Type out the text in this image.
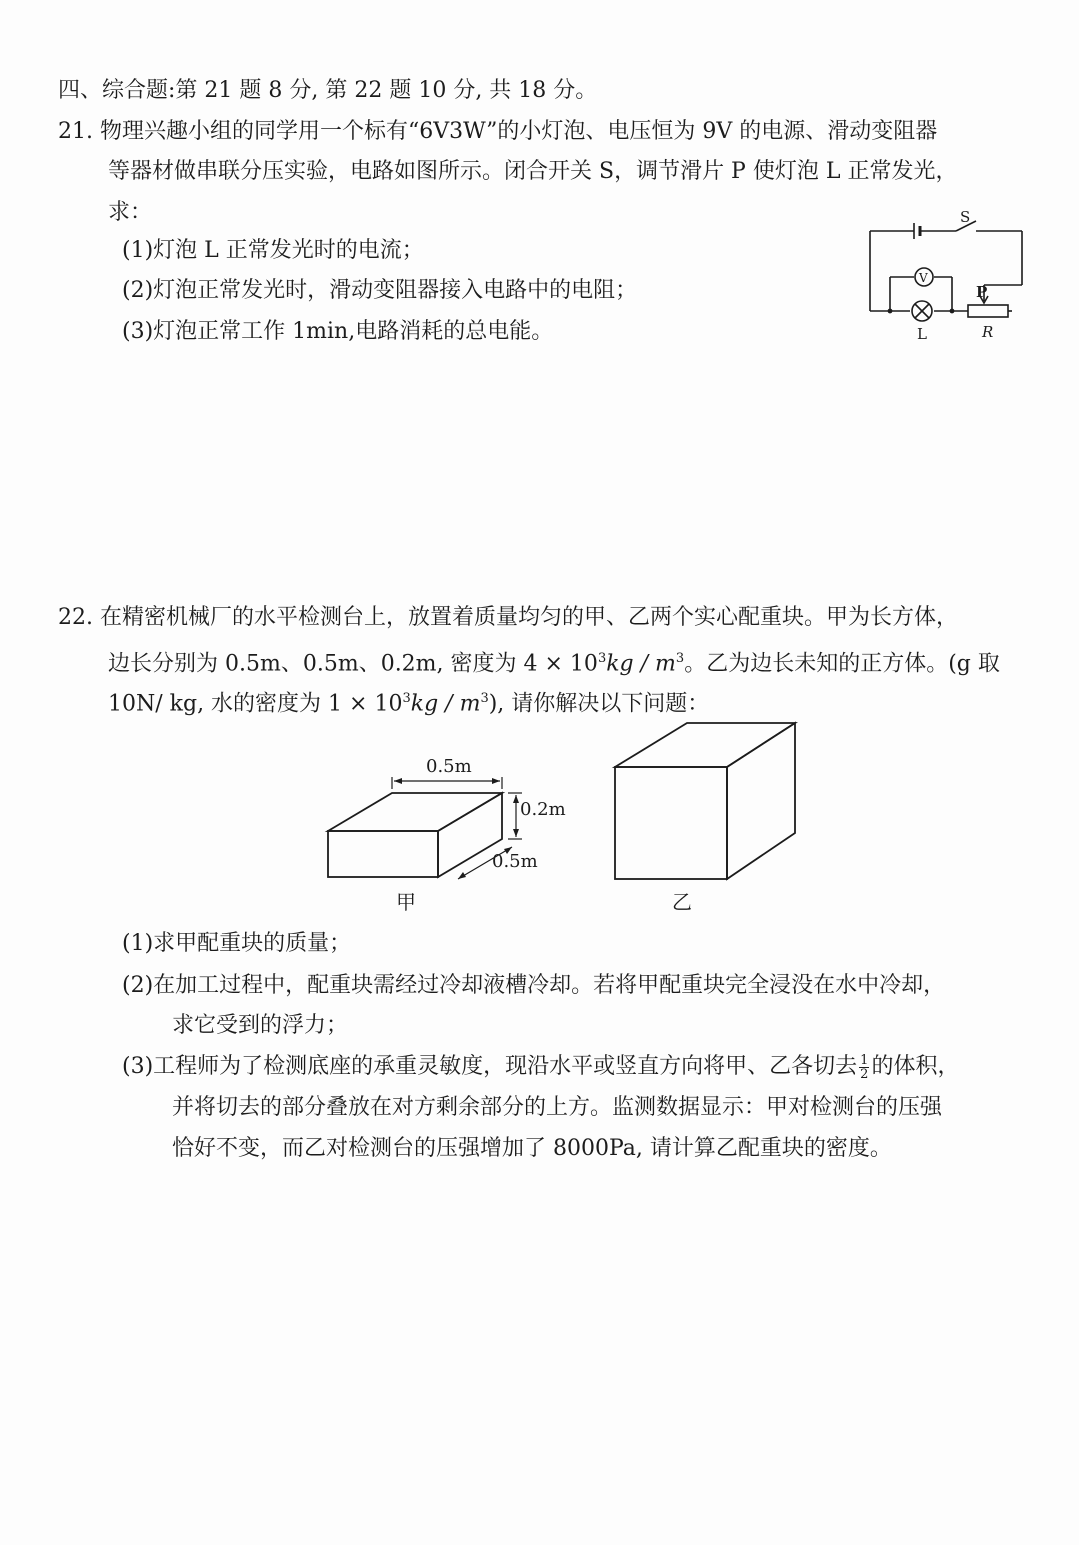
四、综合题:第 21 题 8 分, 第 22 题 10 分, 共 18 分。
21. 物理兴趣小组的同学用一个标有“6V3W”的小灯泡、电压恒为 9V 的电源、滑动变阻器
等器材做串联分压实验，电路如图所示。闭合开关 S，调节滑片 P 使灯泡 L 正常发光，
求：
(1)灯泡 L 正常发光时的电流；
(2)灯泡正常发光时，滑动变阻器接入电路中的电阻；
(3)灯泡正常工作 1min,电路消耗的总电能。
S
V
L
P
R
22. 在精密机械厂的水平检测台上，放置着质量均匀的甲、乙两个实心配重块。甲为长方体，
边长分别为 0.5m、0.5m、0.2m, 密度为 $4 \times 10^3kg / m^3$。乙为边长未知的正方体。(g 取
10N/ kg, 水的密度为 $1 \times 10^3kg / m^3$), 请你解决以下问题：
0.5m
0.2m
0.5m
甲	乙
(1)求甲配重块的质量；
(2)在加工过程中，配重块需经过冷却液槽冷却。若将甲配重块完全浸没在水中冷却，
求它受到的浮力；
(3)工程师为了检测底座的承重灵敏度，现沿水平或竖直方向将甲、乙各切去 $\frac{1}{2}$ 的体积，
并将切去的部分叠放在对方剩余部分的上方。监测数据显示：甲对检测台的压强
恰好不变，而乙对检测台的压强增加了 8000Pa, 请计算乙配重块的密度。
